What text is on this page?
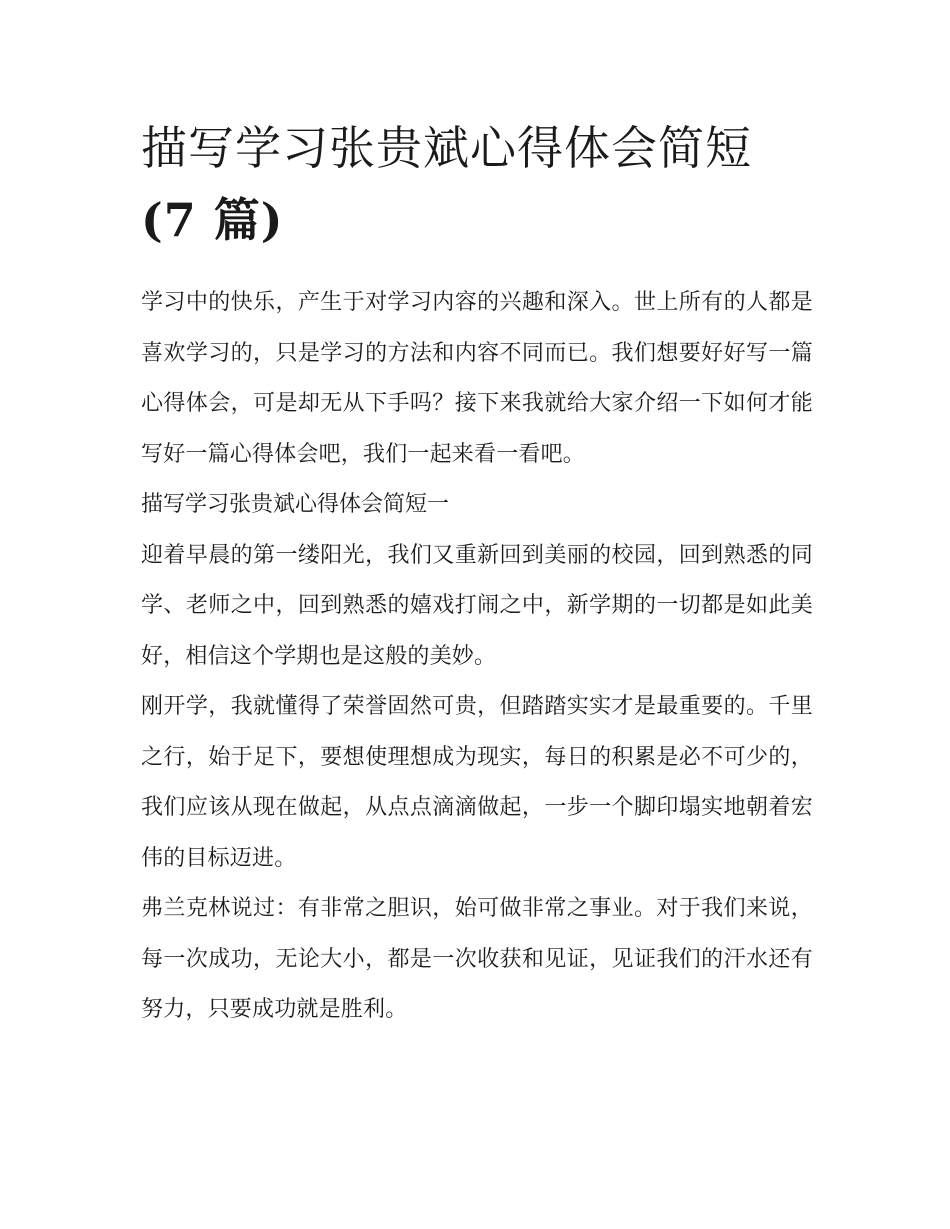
描写学习张贵斌心得体会简短
(7 篇)

学习中的快乐，产生于对学习内容的兴趣和深入。世上所有的人都是喜欢学习的，只是学习的方法和内容不同而已。我们想要好好写一篇心得体会，可是却无从下手吗？接下来我就给大家介绍一下如何才能写好一篇心得体会吧，我们一起来看一看吧。

描写学习张贵斌心得体会简短一

迎着早晨的第一缕阳光，我们又重新回到美丽的校园，回到熟悉的同学、老师之中，回到熟悉的嬉戏打闹之中，新学期的一切都是如此美好，相信这个学期也是这般的美妙。

刚开学，我就懂得了荣誉固然可贵，但踏踏实实才是最重要的。千里之行，始于足下，要想使理想成为现实，每日的积累是必不可少的，我们应该从现在做起，从点点滴滴做起，一步一个脚印塌实地朝着宏伟的目标迈进。

弗兰克林说过：有非常之胆识，始可做非常之事业。对于我们来说，每一次成功，无论大小，都是一次收获和见证，见证我们的汗水还有努力，只要成功就是胜利。
